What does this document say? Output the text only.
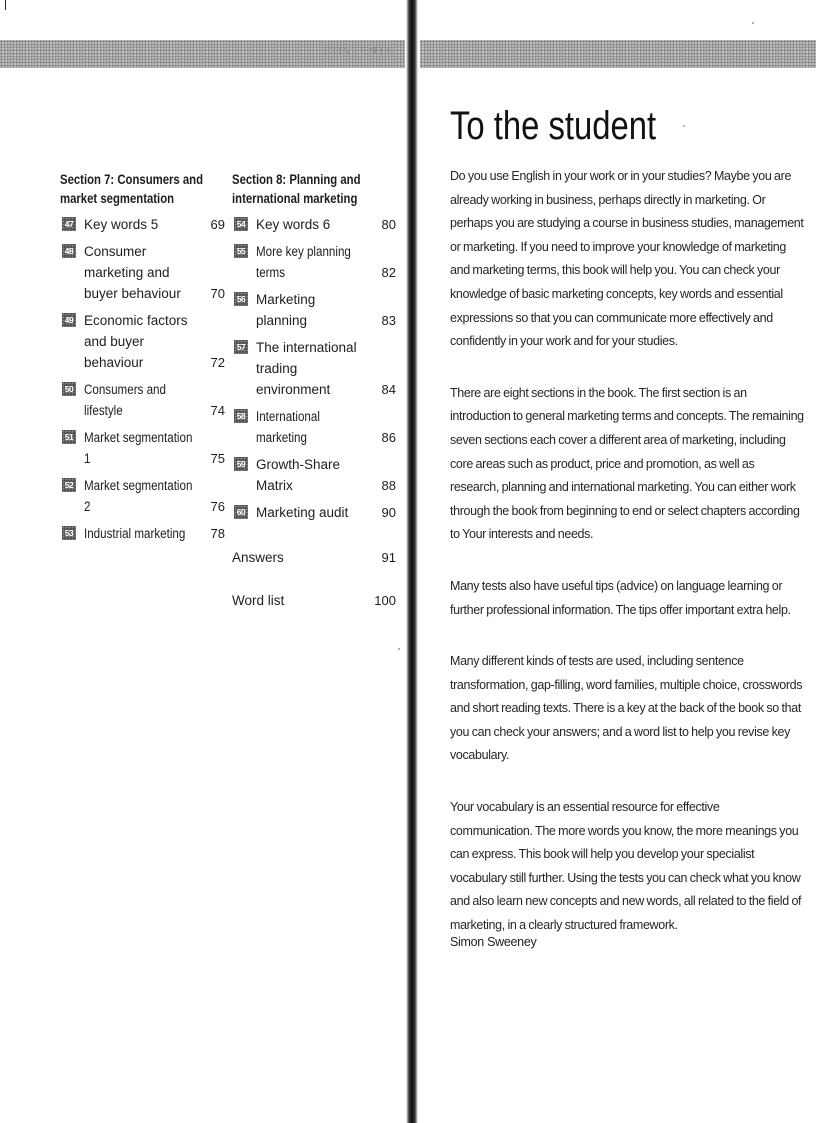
CONTENTS
Section 7: Consumers and market segmentation
47 Key words 5	69
48 Consumer marketing and buyer behaviour	70
49 Economic factors and buyer behaviour	72
50 Consumers and lifestyle	74
51 Market segmentation 1	75
52 Market segmentation 2	76
53 Industrial marketing	78
Section 8: Planning and international marketing
54 Key words 6	80
55 More key planning terms	82
56 Marketing planning	83
57 The international trading environment	84
58 International marketing	86
59 Growth-Share Matrix	88
60 Marketing audit	90
Answers	91
Word list	100
To the student

Do you use English in your work or in your studies? Maybe you are already working in business, perhaps directly in marketing. Or perhaps you are studying a course in business studies, management or marketing. If you need to improve your knowledge of marketing and marketing terms, this book will help you. You can check your knowledge of basic marketing concepts, key words and essential expressions so that you can communicate more effectively and confidently in your work and for your studies.

There are eight sections in the book. The first section is an introduction to general marketing terms and concepts. The remaining seven sections each cover a different area of marketing, including core areas such as product, price and promotion, as well as research, planning and international marketing. You can either work through the book from beginning to end or select chapters according to Your interests and needs.

Many tests also have useful tips (advice) on language learning or further professional information. The tips offer important extra help.

Many different kinds of tests are used, including sentence transformation, gap-filling, word families, multiple choice, crosswords and short reading texts. There is a key at the back of the book so that you can check your answers; and a word list to help you revise key vocabulary.

Your vocabulary is an essential resource for effective communication. The more words you know, the more meanings you can express. This book will help you develop your specialist vocabulary still further. Using the tests you can check what you know and also learn new concepts and new words, all related to the field of marketing, in a clearly structured framework.

Simon Sweeney
